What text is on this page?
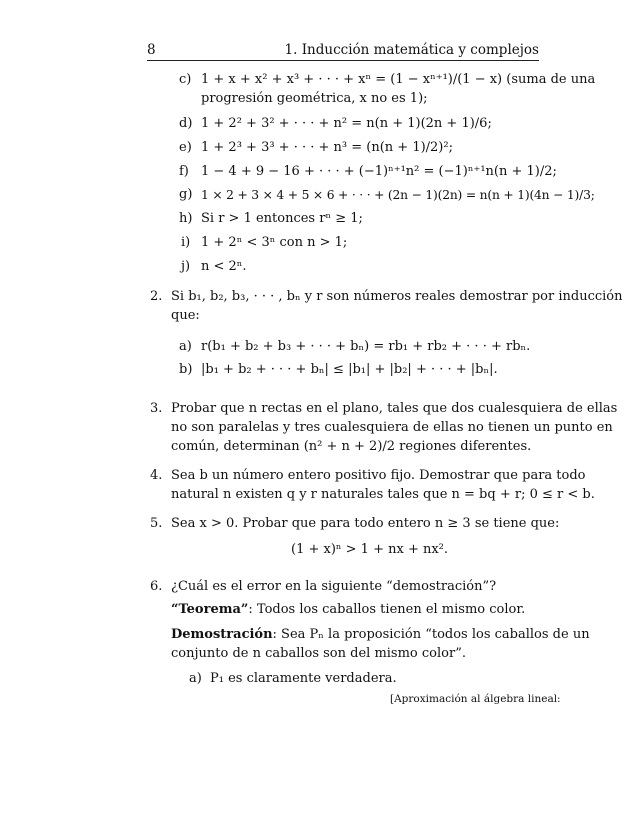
8	1. Inducción matemática y complejos
c) 1 + x + x² + x³ + · · · + xⁿ = (1 − xⁿ⁺¹)/(1 − x) (suma de una
progresión geométrica, x no es 1);
d) 1 + 2² + 3² + · · · + n² = n(n + 1)(2n + 1)/6;
e) 1 + 2³ + 3³ + · · · + n³ = (n(n + 1)/2)²;
f) 1 − 4 + 9 − 16 + · · · + (−1)ⁿ⁺¹n² = (−1)ⁿ⁺¹n(n + 1)/2;
g) 1 × 2 + 3 × 4 + 5 × 6 + · · · + (2n − 1)(2n) = n(n + 1)(4n − 1)/3;
h) Si r > 1 entonces rⁿ ≥ 1;
i) 1 + 2ⁿ < 3ⁿ con n > 1;
j) n < 2ⁿ.
2. Si b₁, b₂, b₃, · · · , bₙ y r son números reales demostrar por inducción
que:
a) r(b₁ + b₂ + b₃ + · · · + bₙ) = rb₁ + rb₂ + · · · + rbₙ.
b) |b₁ + b₂ + · · · + bₙ| ≤ |b₁| + |b₂| + · · · + |bₙ|.
3. Probar que n rectas en el plano, tales que dos cualesquiera de ellas
no son paralelas y tres cualesquiera de ellas no tienen un punto en
común, determinan (n² + n + 2)/2 regiones diferentes.
4. Sea b un número entero positivo fijo. Demostrar que para todo
natural n existen q y r naturales tales que n = bq + r; 0 ≤ r < b.
5. Sea x > 0. Probar que para todo entero n ≥ 3 se tiene que:
(1 + x)ⁿ > 1 + nx + nx².
6. ¿Cuál es el error en la siguiente “demostración”?
“Teorema”: Todos los caballos tienen el mismo color.
Demostración: Sea Pₙ la proposición “todos los caballos de un
conjunto de n caballos son del mismo color”.
a) P₁ es claramente verdadera.
[Aproximación al álgebra lineal:
